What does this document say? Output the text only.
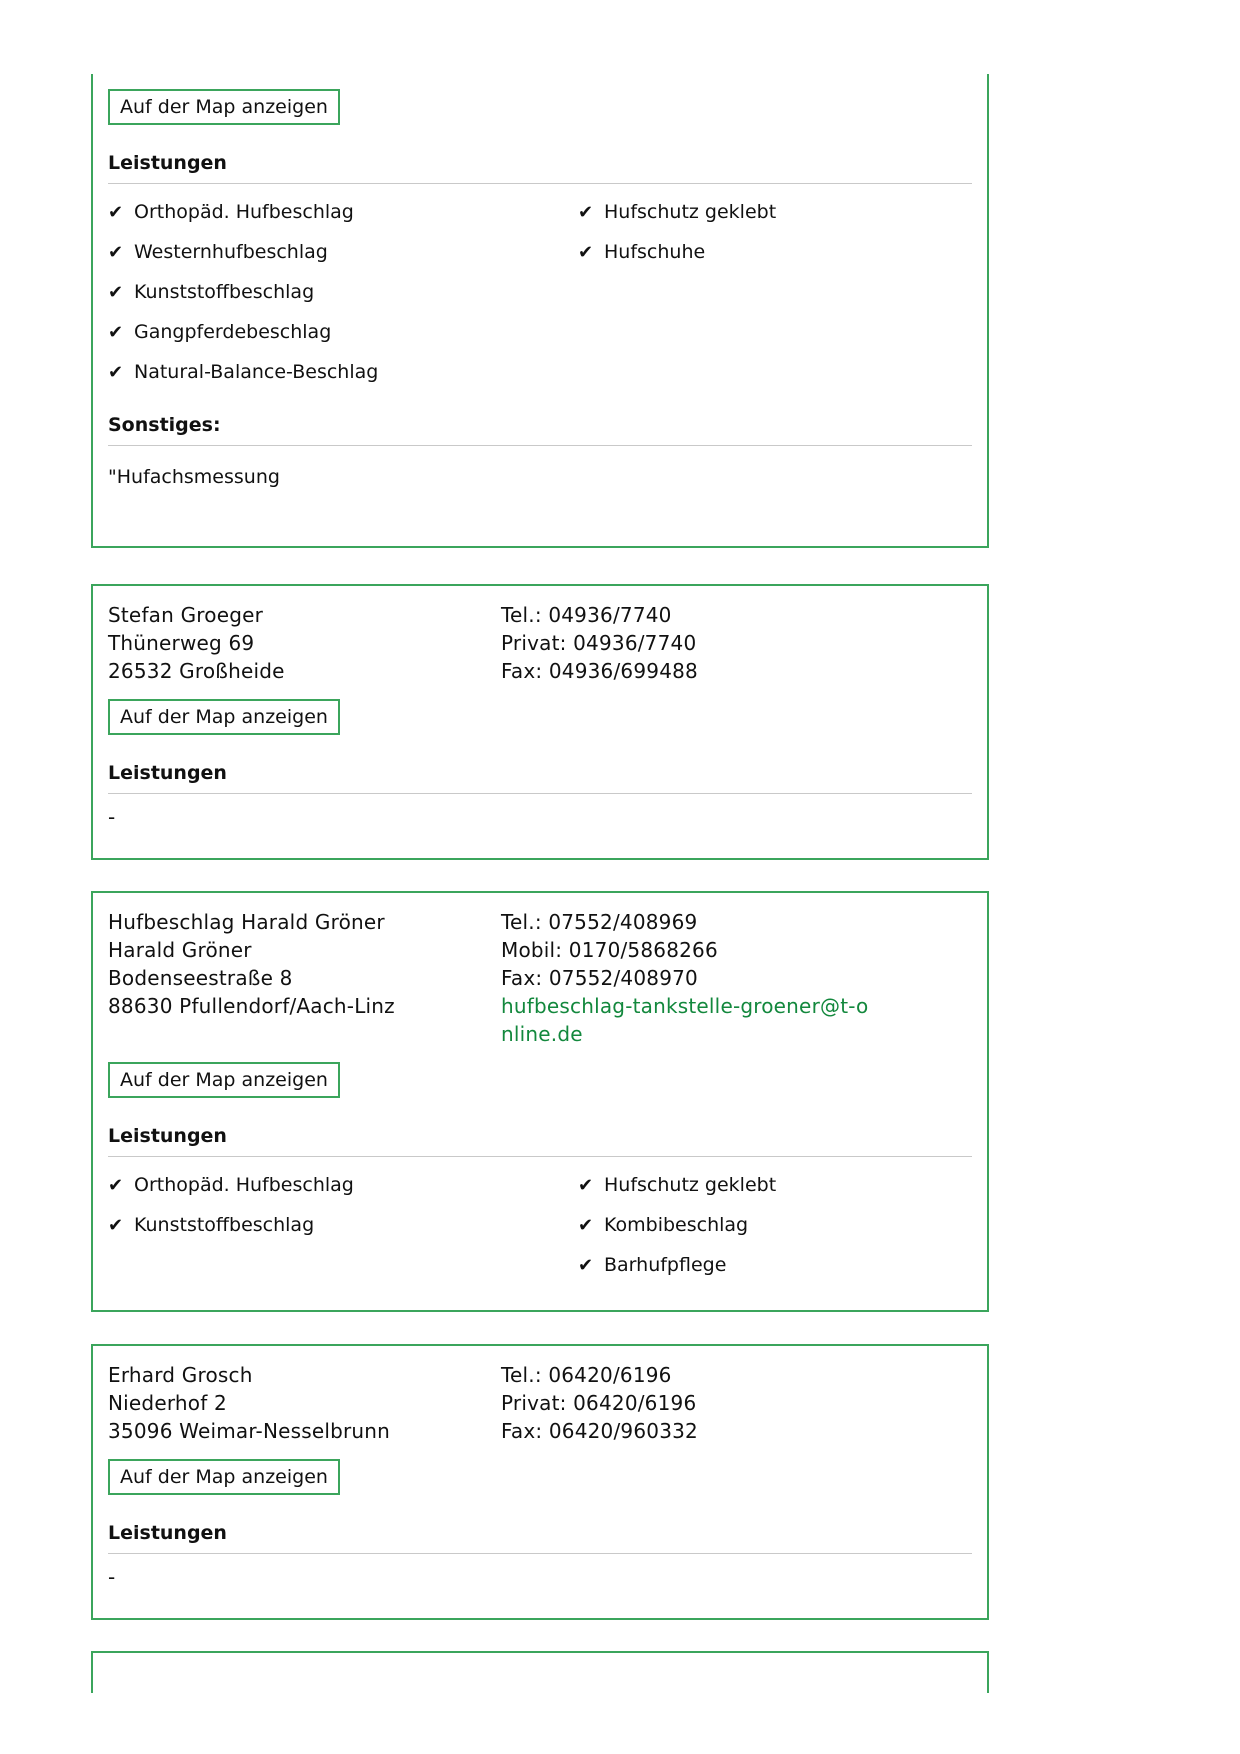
Auf der Map anzeigen
Leistungen
✔ Orthopäd. Hufbeschlag
✔ Westernhufbeschlag
✔ Kunststoffbeschlag
✔ Gangpferdebeschlag
✔ Natural-Balance-Beschlag
✔ Hufschutz geklebt
✔ Hufschuhe
Sonstiges:
"Hufachsmessung
Stefan Groeger
Thünerweg 69
26532 Großheide
Tel.: 04936/7740
Privat: 04936/7740
Fax: 04936/699488
Auf der Map anzeigen
Leistungen
-
Hufbeschlag Harald Gröner
Harald Gröner
Bodenseestraße 8
88630 Pfullendorf/Aach-Linz
Tel.: 07552/408969
Mobil: 0170/5868266
Fax: 07552/408970
hufbeschlag-tankstelle-groener@t-online.de
Auf der Map anzeigen
Leistungen
✔ Orthopäd. Hufbeschlag
✔ Kunststoffbeschlag
✔ Hufschutz geklebt
✔ Kombibeschlag
✔ Barhufpflege
Erhard Grosch
Niederhof 2
35096 Weimar-Nesselbrunn
Tel.: 06420/6196
Privat: 06420/6196
Fax: 06420/960332
Auf der Map anzeigen
Leistungen
-
